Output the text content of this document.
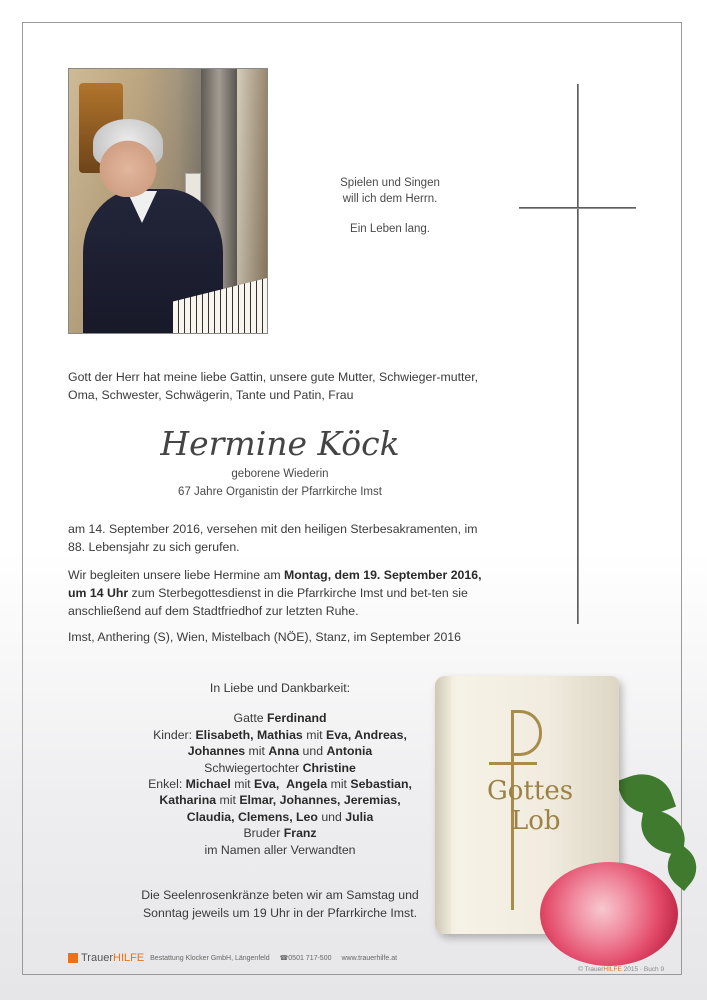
Spielen und Singen
will ich dem Herrn.
Ein Leben lang.
Gott der Herr hat meine liebe Gattin, unsere gute Mutter, Schwieger-mutter, Oma, Schwester, Schwägerin, Tante und Patin, Frau
Hermine Köck
geborene Wiederin
67 Jahre Organistin der Pfarrkirche Imst
am 14. September 2016, versehen mit den heiligen Sterbesakramenten, im 88. Lebensjahr zu sich gerufen.
Wir begleiten unsere liebe Hermine am Montag, dem 19. September 2016, um 14 Uhr zum Sterbegottesdienst in die Pfarrkirche Imst und bet-ten sie anschließend auf dem Stadtfriedhof zur letzten Ruhe.
Imst, Anthering (S), Wien, Mistelbach (NÖE), Stanz, im September 2016
In Liebe und Dankbarkeit:
Gatte Ferdinand
Kinder: Elisabeth, Mathias mit Eva, Andreas,
Johannes mit Anna und Antonia
Schwiegertochter Christine
Enkel: Michael mit Eva, Angela mit Sebastian,
Katharina mit Elmar, Johannes, Jeremias,
Claudia, Clemens, Leo und Julia
Bruder Franz
im Namen aller Verwandten
Die Seelenrosenkränze beten wir am Samstag und
Sonntag jeweils um 19 Uhr in der Pfarrkirche Imst.
Gottes
Lob
TrauerHILFE Bestattung Klocker GmbH, Längenfeld ☎0501 717-500 www.trauerhilfe.at
© TrauerHILFE 2015 · Buch 9
